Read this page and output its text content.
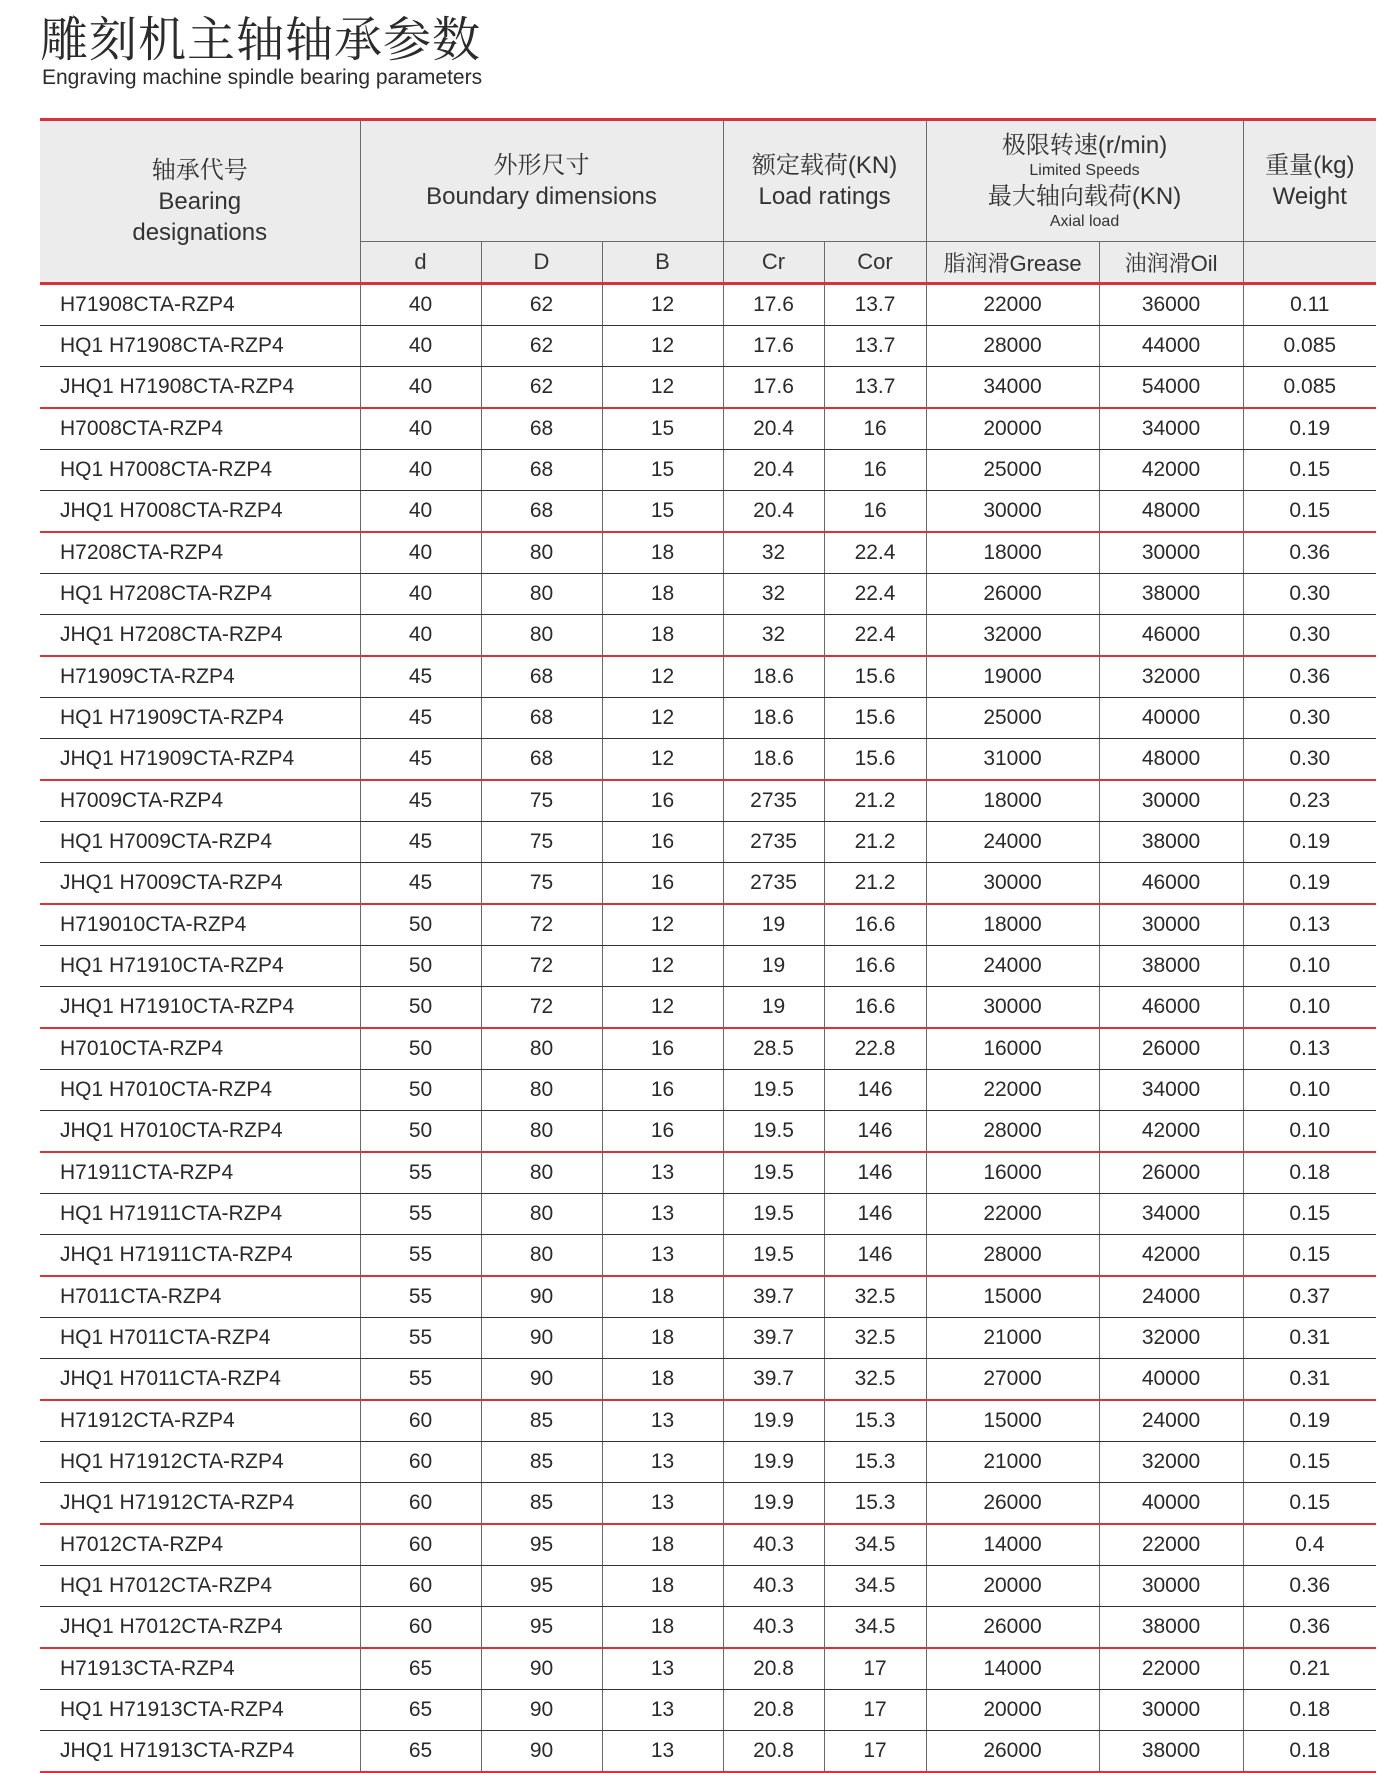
雕刻机主轴轴承参数
Engraving machine spindle bearing parameters
轴承代号
Bearing
designations	外形尺寸
Boundary dimensions			额定载荷(KN)
Load ratings		极限转速(r/min)
Limited Speeds
最大轴向载荷(KN)
Axial load		重量(kg)
Weight

	d	D	B	Cr	Cor	脂润滑Grease	油润滑Oil	
H71908CTA-RZP4	40	62	12	17.6	13.7	22000	36000	0.11
HQ1 H71908CTA-RZP4	40	62	12	17.6	13.7	28000	44000	0.085
JHQ1 H71908CTA-RZP4	40	62	12	17.6	13.7	34000	54000	0.085
H7008CTA-RZP4	40	68	15	20.4	16	20000	34000	0.19
HQ1 H7008CTA-RZP4	40	68	15	20.4	16	25000	42000	0.15
JHQ1 H7008CTA-RZP4	40	68	15	20.4	16	30000	48000	0.15
H7208CTA-RZP4	40	80	18	32	22.4	18000	30000	0.36
HQ1 H7208CTA-RZP4	40	80	18	32	22.4	26000	38000	0.30
JHQ1 H7208CTA-RZP4	40	80	18	32	22.4	32000	46000	0.30
H71909CTA-RZP4	45	68	12	18.6	15.6	19000	32000	0.36
HQ1 H71909CTA-RZP4	45	68	12	18.6	15.6	25000	40000	0.30
JHQ1 H71909CTA-RZP4	45	68	12	18.6	15.6	31000	48000	0.30
H7009CTA-RZP4	45	75	16	2735	21.2	18000	30000	0.23
HQ1 H7009CTA-RZP4	45	75	16	2735	21.2	24000	38000	0.19
JHQ1 H7009CTA-RZP4	45	75	16	2735	21.2	30000	46000	0.19
H719010CTA-RZP4	50	72	12	19	16.6	18000	30000	0.13
HQ1 H71910CTA-RZP4	50	72	12	19	16.6	24000	38000	0.10
JHQ1 H71910CTA-RZP4	50	72	12	19	16.6	30000	46000	0.10
H7010CTA-RZP4	50	80	16	28.5	22.8	16000	26000	0.13
HQ1 H7010CTA-RZP4	50	80	16	19.5	146	22000	34000	0.10
JHQ1 H7010CTA-RZP4	50	80	16	19.5	146	28000	42000	0.10
H71911CTA-RZP4	55	80	13	19.5	146	16000	26000	0.18
HQ1 H71911CTA-RZP4	55	80	13	19.5	146	22000	34000	0.15
JHQ1 H71911CTA-RZP4	55	80	13	19.5	146	28000	42000	0.15
H7011CTA-RZP4	55	90	18	39.7	32.5	15000	24000	0.37
HQ1 H7011CTA-RZP4	55	90	18	39.7	32.5	21000	32000	0.31
JHQ1 H7011CTA-RZP4	55	90	18	39.7	32.5	27000	40000	0.31
H71912CTA-RZP4	60	85	13	19.9	15.3	15000	24000	0.19
HQ1 H71912CTA-RZP4	60	85	13	19.9	15.3	21000	32000	0.15
JHQ1 H71912CTA-RZP4	60	85	13	19.9	15.3	26000	40000	0.15
H7012CTA-RZP4	60	95	18	40.3	34.5	14000	22000	0.4
HQ1 H7012CTA-RZP4	60	95	18	40.3	34.5	20000	30000	0.36
JHQ1 H7012CTA-RZP4	60	95	18	40.3	34.5	26000	38000	0.36
H71913CTA-RZP4	65	90	13	20.8	17	14000	22000	0.21
HQ1 H71913CTA-RZP4	65	90	13	20.8	17	20000	30000	0.18
JHQ1 H71913CTA-RZP4	65	90	13	20.8	17	26000	38000	0.18
